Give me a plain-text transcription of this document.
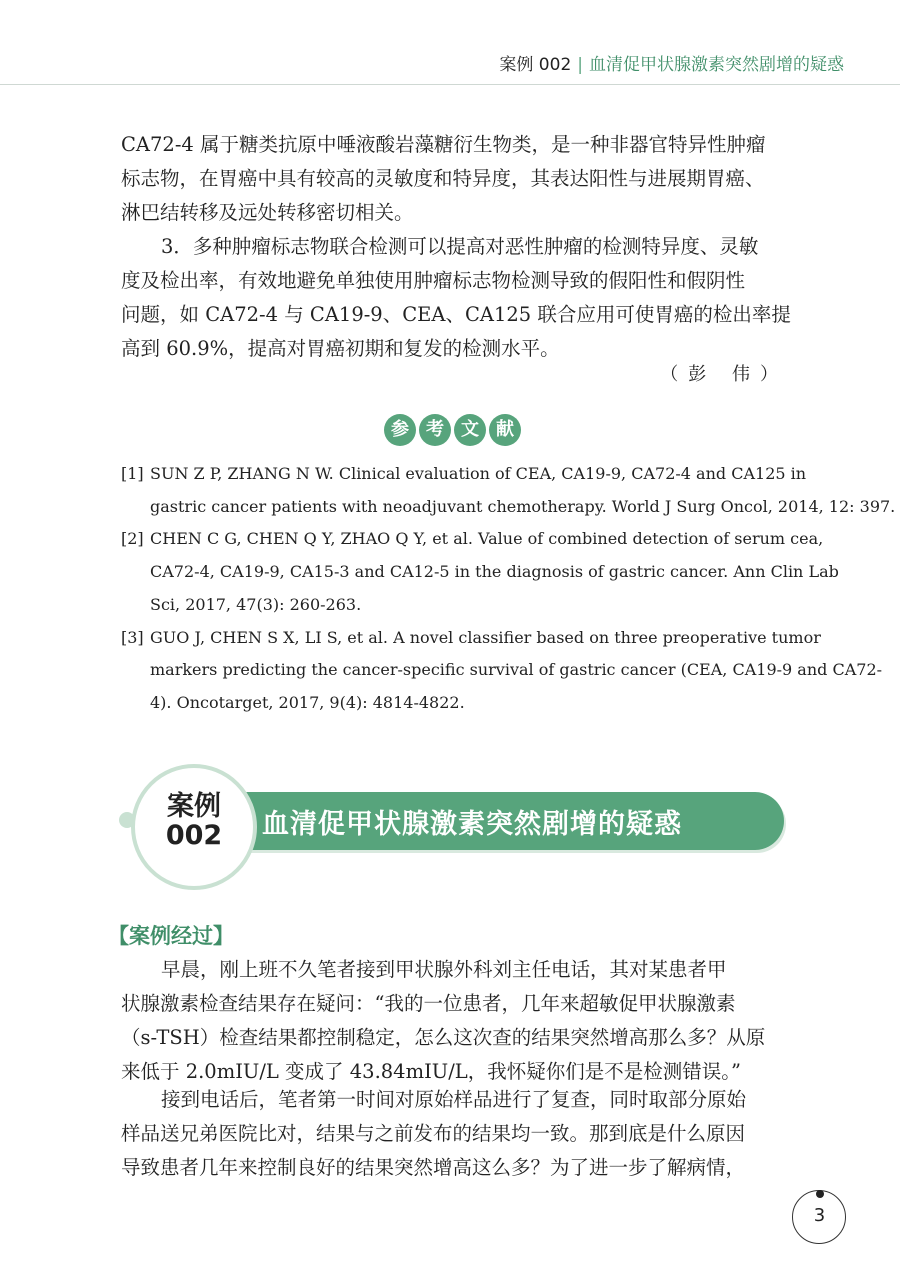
案例 002 | 血清促甲状腺激素突然剧增的疑惑

CA72-4 属于糖类抗原中唾液酸岩藻糖衍生物类，是一种非器官特异性肿瘤
标志物，在胃癌中具有较高的灵敏度和特异度，其表达阳性与进展期胃癌、
淋巴结转移及远处转移密切相关。

3．多种肿瘤标志物联合检测可以提高对恶性肿瘤的检测特异度、灵敏
度及检出率，有效地避免单独使用肿瘤标志物检测导致的假阳性和假阴性
问题，如 CA72-4 与 CA19-9、CEA、CA125 联合应用可使胃癌的检出率提
高到 60.9%，提高对胃癌初期和复发的检测水平。

（彭 伟）
参 考 文 献
[1] SUN Z P, ZHANG N W. Clinical evaluation of CEA, CA19-9, CA72-4 and CA125 in
gastric cancer patients with neoadjuvant chemotherapy. World J Surg Oncol, 2014, 12: 397.
[2] CHEN C G, CHEN Q Y, ZHAO Q Y, et al. Value of combined detection of serum cea,
CA72-4, CA19-9, CA15-3 and CA12-5 in the diagnosis of gastric cancer. Ann Clin Lab
Sci, 2017, 47(3): 260-263.
[3] GUO J, CHEN S X, LI S, et al. A novel classifier based on three preoperative tumor
markers predicting the cancer-specific survival of gastric cancer (CEA, CA19-9 and CA72-
4). Oncotarget, 2017, 9(4): 4814-4822.
血清促甲状腺激素突然剧增的疑惑
案例
002
【案例经过】

早晨，刚上班不久笔者接到甲状腺外科刘主任电话，其对某患者甲
状腺激素检查结果存在疑问：“我的一位患者，几年来超敏促甲状腺激素
（s-TSH）检查结果都控制稳定，怎么这次查的结果突然增高那么多？从原
来低于 2.0mIU/L 变成了 43.84mIU/L，我怀疑你们是不是检测错误。”

接到电话后，笔者第一时间对原始样品进行了复查，同时取部分原始
样品送兄弟医院比对，结果与之前发布的结果均一致。那到底是什么原因
导致患者几年来控制良好的结果突然增高这么多？为了进一步了解病情，

3
